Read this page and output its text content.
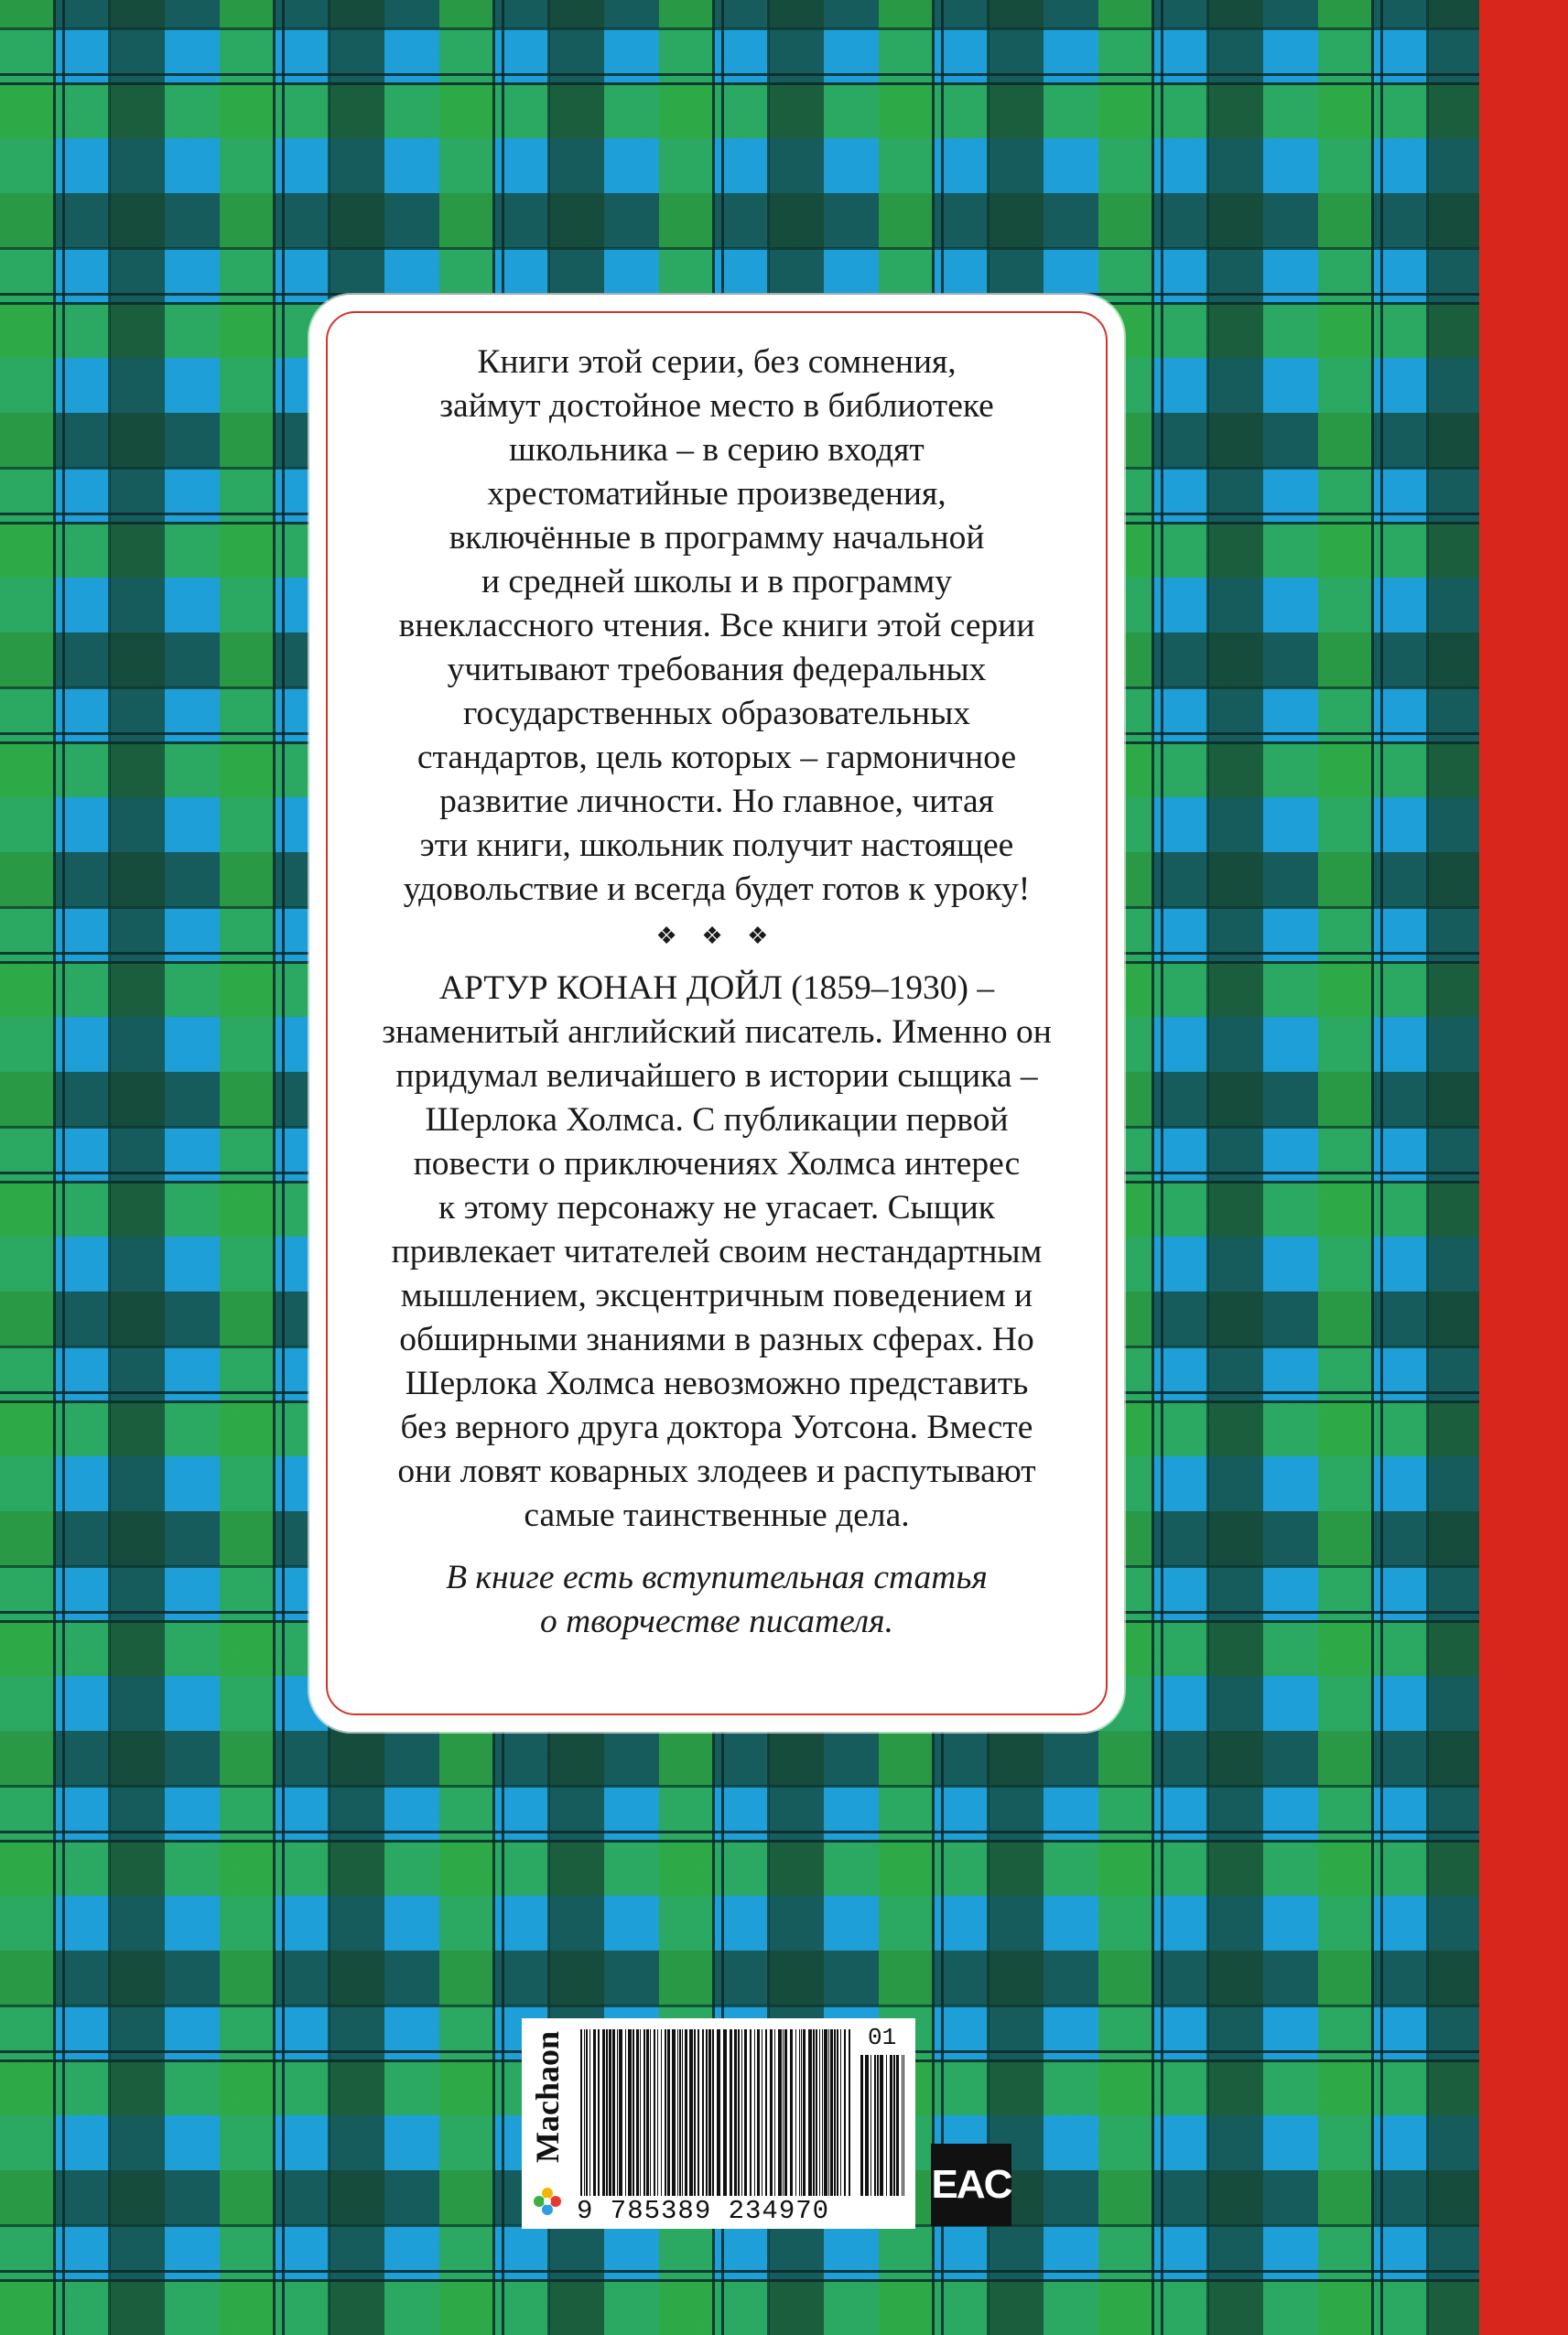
Книги этой серии, без сомнения,
займут достойное место в библиотеке
школьника – в серию входят
хрестоматийные произведения,
включённые в программу начальной
и средней школы и в программу
внеклассного чтения. Все книги этой серии
учитывают требования федеральных
государственных образовательных
стандартов, цель которых – гармоничное
развитие личности. Но главное, читая
эти книги, школьник получит настоящее
удовольствие и всегда будет готов к уроку!

❖ ❖ ❖

АРТУР КОНАН ДОЙЛ (1859–1930) –
знаменитый английский писатель. Именно он
придумал величайшего в истории сыщика –
Шерлока Холмса. С публикации первой
повести о приключениях Холмса интерес
к этому персонажу не угасает. Сыщик
привлекает читателей своим нестандартным
мышлением, эксцентричным поведением и
обширными знаниями в разных сферах. Но
Шерлока Холмса невозможно представить
без верного друга доктора Уотсона. Вместе
они ловят коварных злодеев и распутывают
самые таинственные дела.

В книге есть вступительная статья
о творчестве писателя.

Machaon	01
9 785389 234970
EAC
